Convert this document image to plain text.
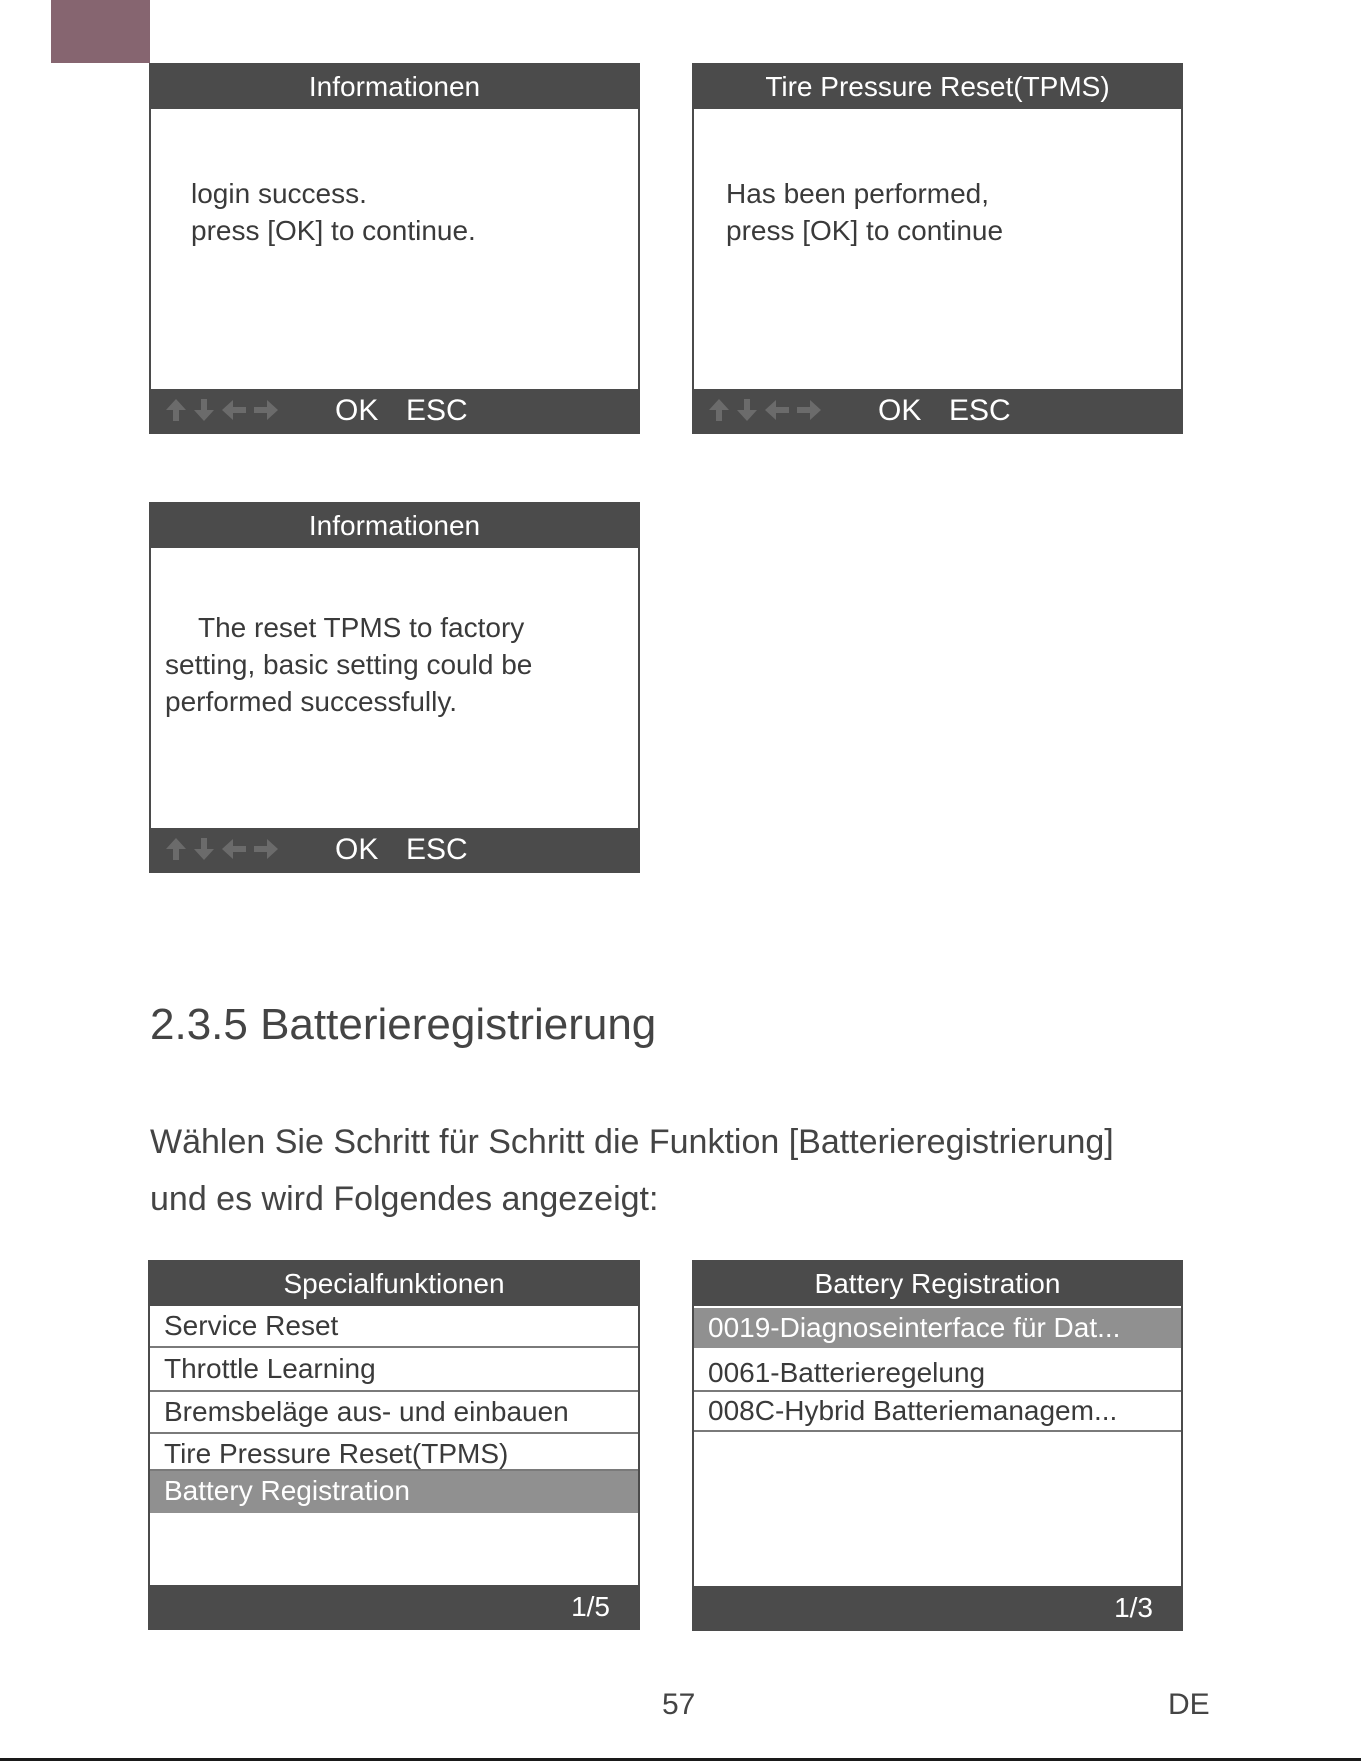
Informationen
login success.
press [OK] to continue.
OK ESC
Tire Pressure Reset(TPMS)
Has been performed,
press [OK] to continue
OK ESC
Informationen
The reset TPMS to factory
setting, basic setting could be
performed successfully.
OK ESC
2.3.5 Batterieregistrierung
Wählen Sie Schritt für Schritt die Funktion [Batterieregistrierung]
und es wird Folgendes angezeigt:
Specialfunktionen
Service Reset
Throttle Learning
Bremsbeläge aus- und einbauen
Tire Pressure Reset(TPMS)
Battery Registration
1/5
Battery Registration
0019-Diagnoseinterface für Dat...
0061-Batterieregelung
008C-Hybrid Batteriemanagem...
1/3
57	DE
